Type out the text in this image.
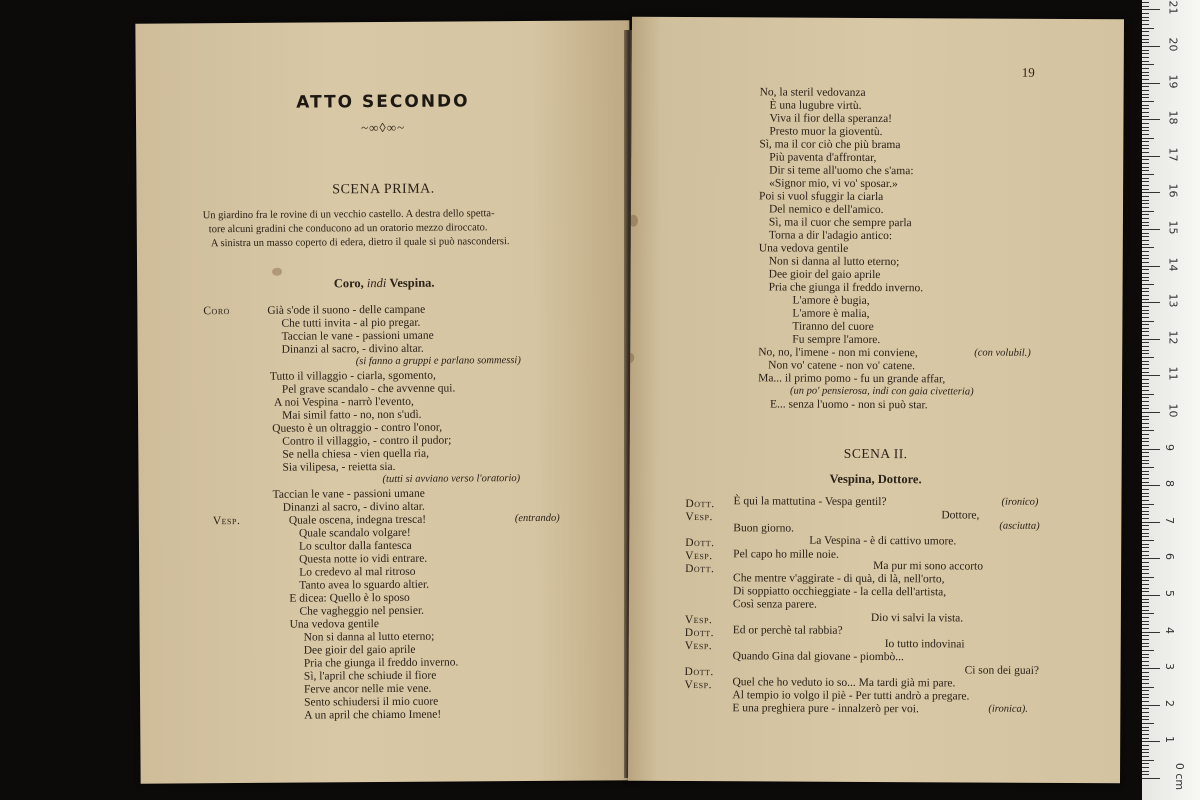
ATTO SECONDO
~∞◊∞~
SCENA PRIMA.
Un giardino fra le rovine di un vecchio castello. A destra dello spetta-
tore alcuni gradini che conducono ad un oratorio mezzo diroccato.
A sinistra un masso coperto di edera, dietro il quale si può nascondersi.
Coro, indi Vespina.
Coro	Già s'ode il suono - delle campane
Che tutti invita - al pio pregar.
Taccian le vane - passioni umane
Dinanzi al sacro, - divino altar.
(si fanno a gruppi e parlano sommessi)
Tutto il villaggio - ciarla, sgomento,
Pel grave scandalo - che avvenne qui.
A noi Vespina - narrò l'evento,
Mai simil fatto - no, non s'udì.
Questo è un oltraggio - contro l'onor,
Contro il villaggio, - contro il pudor;
Se nella chiesa - vien quella ria,
Sia vilipesa, - reietta sia.
(tutti si avviano verso l'oratorio)
Taccian le vane - passioni umane
Dinanzi al sacro, - divino altar.
Vesp.	Quale oscena, indegna tresca!	(entrando)
Quale scandalo volgare!
Lo scultor dalla fantesca
Questa notte io vidi entrare.
Lo credevo al mal ritroso
Tanto avea lo sguardo altier.
E dicea: Quello è lo sposo
Che vagheggio nel pensier.
Una vedova gentile
Non si danna al lutto eterno;
Dee gioir del gaio aprile
Pria che giunga il freddo inverno.
Sì, l'april che schiude il fiore
Ferve ancor nelle mie vene.
Sento schiudersi il mio cuore
A un april che chiamo Imene!
19
No, la steril vedovanza
È una lugubre virtù.
Viva il fior della speranza!
Presto muor la gioventù.
Sì, ma il cor ciò che più brama
Più paventa d'affrontar,
Dir si teme all'uomo che s'ama:
«Signor mio, vi vo' sposar.»
Poi si vuol sfuggir la ciarla
Del nemico e dell'amico.
Sì, ma il cuor che sempre parla
Torna a dir l'adagio antico:
Una vedova gentile
Non si danna al lutto eterno;
Dee gioir del gaio aprile
Pria che giunga il freddo inverno.
L'amore è bugia,
L'amore è malia,
Tiranno del cuore
Fu sempre l'amore.
No, no, l'imene - non mi conviene,	(con volubil.)
Non vo' catene - non vo' catene.
Ma... il primo pomo - fu un grande affar,
(un po' pensierosa, indi con gaia civetteria)
E... senza l'uomo - non si può star.
SCENA II.
Vespina, Dottore.
Dott. È qui la mattutina - Vespa gentil?	(ironico)
Vesp.	Dottore,
Buon giorno.	(asciutta)
Dott.	La Vespina - è di cattivo umore.
Vesp. Pel capo ho mille noie.
Dott.	Ma pur mi sono accorto
Che mentre v'aggirate - di quà, di là, nell'orto,
Di soppiatto occhieggiate - la cella dell'artista,
Così senza parere.
Vesp.	Dio vi salvi la vista.
Dott. Ed or perchè tal rabbia?
Vesp.	Io tutto indovinai
Quando Gina dal giovane - piombò...
Dott.	Ci son dei guai?
Vesp. Quel che ho veduto io so... Ma tardi già mi pare.
Al tempio io volgo il piè - Per tutti andrò a pregare.
E una preghiera pure - innalzerò per voi.	(ironica).
0 cm
1
2
3
4
5
6
7
8
9
10
11
12
13
14
15
16
17
18
19
20
21
